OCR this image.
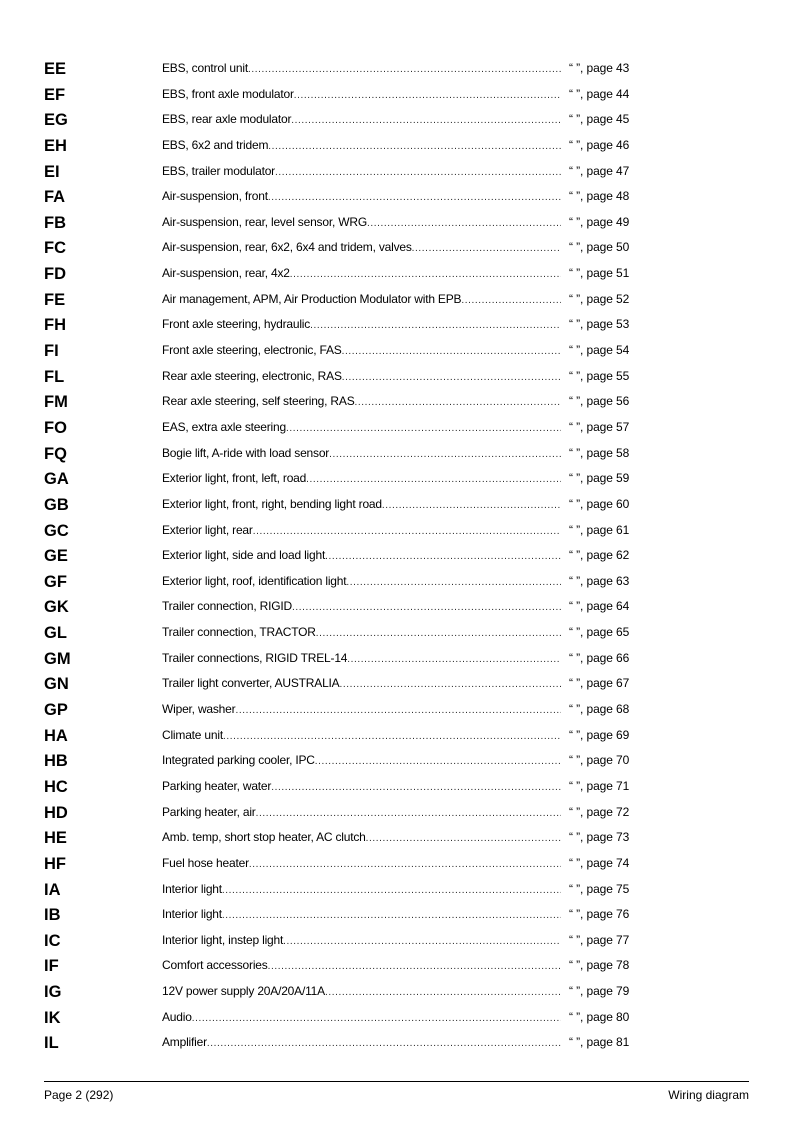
EE	EBS, control unit .....	“ ”, page 43
EF	EBS, front axle modulator .....	“ ”, page 44
EG	EBS, rear axle modulator .....	“ ”, page 45
EH	EBS, 6x2 and tridem .....	“ ”, page 46
EI	EBS, trailer modulator .....	“ ”, page 47
FA	Air-suspension, front .....	“ ”, page 48
FB	Air-suspension, rear, level sensor, WRG .....	“ ”, page 49
FC	Air-suspension, rear, 6x2, 6x4 and tridem, valves .....	“ ”, page 50
FD	Air-suspension, rear, 4x2 .....	“ ”, page 51
FE	Air management, APM, Air Production Modulator with EPB .....	“ ”, page 52
FH	Front axle steering, hydraulic .....	“ ”, page 53
FI	Front axle steering, electronic, FAS .....	“ ”, page 54
FL	Rear axle steering, electronic, RAS .....	“ ”, page 55
FM	Rear axle steering, self steering, RAS .....	“ ”, page 56
FO	EAS, extra axle steering .....	“ ”, page 57
FQ	Bogie lift, A-ride with load sensor .....	“ ”, page 58
GA	Exterior light, front, left, road .....	“ ”, page 59
GB	Exterior light, front, right, bending light road .....	“ ”, page 60
GC	Exterior light, rear .....	“ ”, page 61
GE	Exterior light, side and load light .....	“ ”, page 62
GF	Exterior light, roof, identification light .....	“ ”, page 63
GK	Trailer connection, RIGID .....	“ ”, page 64
GL	Trailer connection, TRACTOR .....	“ ”, page 65
GM	Trailer connections, RIGID TREL-14 .....	“ ”, page 66
GN	Trailer light converter, AUSTRALIA .....	“ ”, page 67
GP	Wiper, washer .....	“ ”, page 68
HA	Climate unit .....	“ ”, page 69
HB	Integrated parking cooler, IPC .....	“ ”, page 70
HC	Parking heater, water .....	“ ”, page 71
HD	Parking heater, air .....	“ ”, page 72
HE	Amb. temp, short stop heater, AC clutch .....	“ ”, page 73
HF	Fuel hose heater .....	“ ”, page 74
IA	Interior light .....	“ ”, page 75
IB	Interior light .....	“ ”, page 76
IC	Interior light, instep light .....	“ ”, page 77
IF	Comfort accessories .....	“ ”, page 78
IG	12V power supply 20A/20A/11A .....	“ ”, page 79
IK	Audio .....	“ ”, page 80
IL	Amplifier .....	“ ”, page 81
Page 2 (292)	Wiring diagram
